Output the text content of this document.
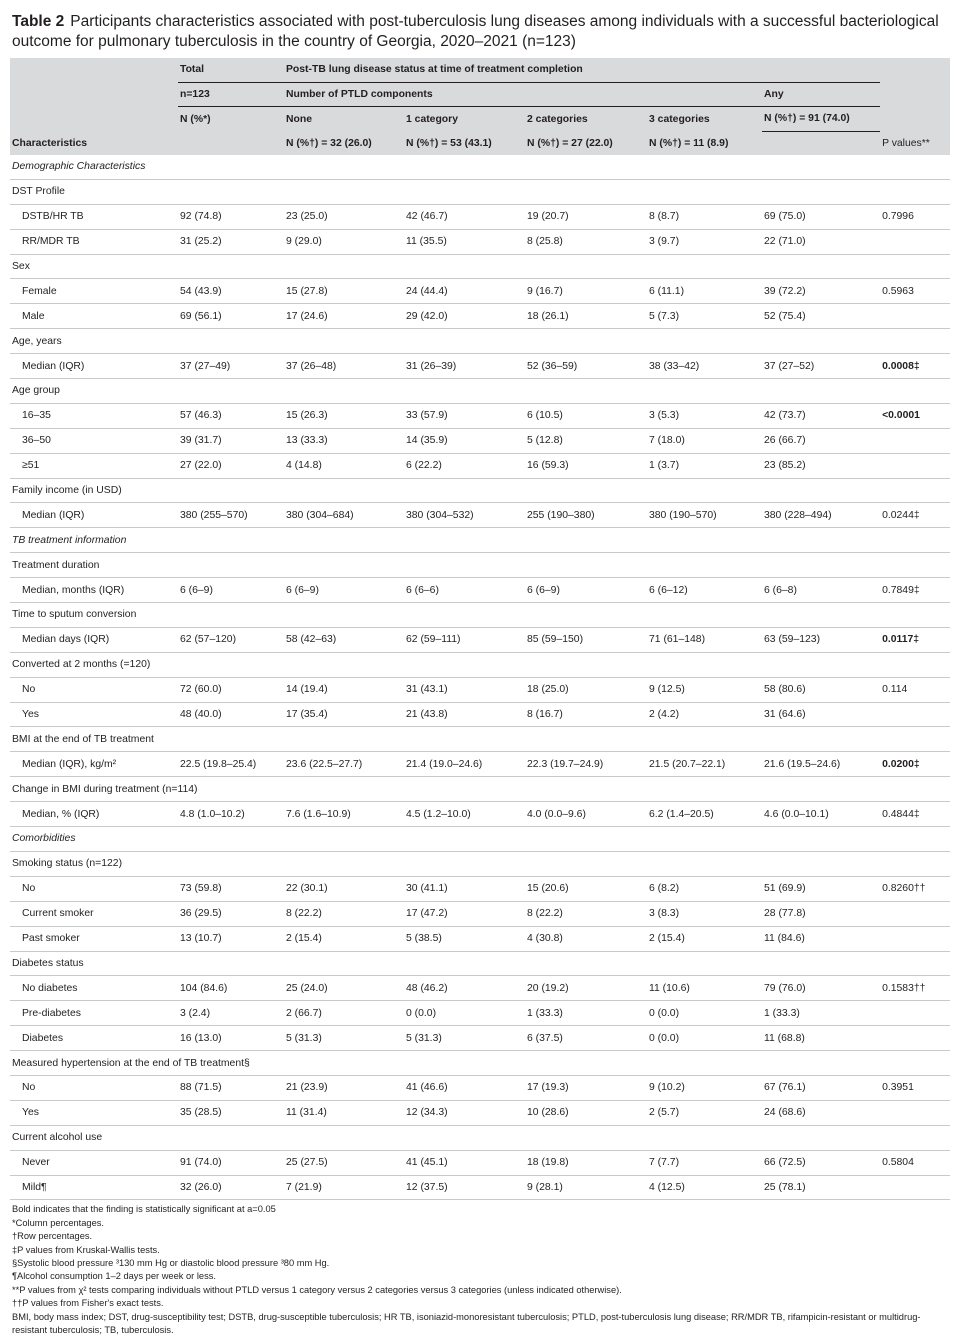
Table 2 Participants characteristics associated with post-tuberculosis lung diseases among individuals with a successful bacteriological outcome for pulmonary tuberculosis in the country of Georgia, 2020–2021 (n=123)
	Total	Post-TB lung disease status at time of treatment completion					
	n=123	Number of PTLD components				Any	
	N (%*)	None	1 category	2 categories	3 categories	N (%†) = 91 (74.0)	
Characteristics		N (%†) = 32 (26.0)	N (%†) = 53 (43.1)	N (%†) = 27 (22.0)	N (%†) = 11 (8.9)		P values**
Demographic Characteristics							
DST Profile							
DSTB/HR TB	92 (74.8)	23 (25.0)	42 (46.7)	19 (20.7)	8 (8.7)	69 (75.0)	0.7996
RR/MDR TB	31 (25.2)	9 (29.0)	11 (35.5)	8 (25.8)	3 (9.7)	22 (71.0)	
Sex							
Female	54 (43.9)	15 (27.8)	24 (44.4)	9 (16.7)	6 (11.1)	39 (72.2)	0.5963
Male	69 (56.1)	17 (24.6)	29 (42.0)	18 (26.1)	5 (7.3)	52 (75.4)	
Age, years							
Median (IQR)	37 (27–49)	37 (26–48)	31 (26–39)	52 (36–59)	38 (33–42)	37 (27–52)	0.0008‡
Age group							
16–35	57 (46.3)	15 (26.3)	33 (57.9)	6 (10.5)	3 (5.3)	42 (73.7)	<0.0001
36–50	39 (31.7)	13 (33.3)	14 (35.9)	5 (12.8)	7 (18.0)	26 (66.7)	
≥51	27 (22.0)	4 (14.8)	6 (22.2)	16 (59.3)	1 (3.7)	23 (85.2)	
Family income (in USD)							
Median (IQR)	380 (255–570)	380 (304–684)	380 (304–532)	255 (190–380)	380 (190–570)	380 (228–494)	0.0244‡
TB treatment information							
Treatment duration							
Median, months (IQR)	6 (6–9)	6 (6–9)	6 (6–6)	6 (6–9)	6 (6–12)	6 (6–8)	0.7849‡
Time to sputum conversion							
Median days (IQR)	62 (57–120)	58 (42–63)	62 (59–111)	85 (59–150)	71 (61–148)	63 (59–123)	0.0117‡
Converted at 2 months (=120)							
No	72 (60.0)	14 (19.4)	31 (43.1)	18 (25.0)	9 (12.5)	58 (80.6)	0.114
Yes	48 (40.0)	17 (35.4)	21 (43.8)	8 (16.7)	2 (4.2)	31 (64.6)	
BMI at the end of TB treatment							
Median (IQR), kg/m²	22.5 (19.8–25.4)	23.6 (22.5–27.7)	21.4 (19.0–24.6)	22.3 (19.7–24.9)	21.5 (20.7–22.1)	21.6 (19.5–24.6)	0.0200‡
Change in BMI during treatment (n=114)							
Median, % (IQR)	4.8 (1.0–10.2)	7.6 (1.6–10.9)	4.5 (1.2–10.0)	4.0 (0.0–9.6)	6.2 (1.4–20.5)	4.6 (0.0–10.1)	0.4844‡
Comorbidities							
Smoking status (n=122)							
No	73 (59.8)	22 (30.1)	30 (41.1)	15 (20.6)	6 (8.2)	51 (69.9)	0.8260††
Current smoker	36 (29.5)	8 (22.2)	17 (47.2)	8 (22.2)	3 (8.3)	28 (77.8)	
Past smoker	13 (10.7)	2 (15.4)	5 (38.5)	4 (30.8)	2 (15.4)	11 (84.6)	
Diabetes status							
No diabetes	104 (84.6)	25 (24.0)	48 (46.2)	20 (19.2)	11 (10.6)	79 (76.0)	0.1583††
Pre-diabetes	3 (2.4)	2 (66.7)	0 (0.0)	1 (33.3)	0 (0.0)	1 (33.3)	
Diabetes	16 (13.0)	5 (31.3)	5 (31.3)	6 (37.5)	0 (0.0)	11 (68.8)	
Measured hypertension at the end of TB treatment§							
No	88 (71.5)	21 (23.9)	41 (46.6)	17 (19.3)	9 (10.2)	67 (76.1)	0.3951
Yes	35 (28.5)	11 (31.4)	12 (34.3)	10 (28.6)	2 (5.7)	24 (68.6)	
Current alcohol use							
Never	91 (74.0)	25 (27.5)	41 (45.1)	18 (19.8)	7 (7.7)	66 (72.5)	0.5804
Mild¶	32 (26.0)	7 (21.9)	12 (37.5)	9 (28.1)	4 (12.5)	25 (78.1)	
Bold indicates that the finding is statistically significant at a=0.05
*Column percentages.
†Row percentages.
‡P values from Kruskal-Wallis tests.
§Systolic blood pressure ³130 mm Hg or diastolic blood pressure ³80 mm Hg.
¶Alcohol consumption 1–2 days per week or less.
**P values from χ² tests comparing individuals without PTLD versus 1 category versus 2 categories versus 3 categories (unless indicated otherwise).
††P values from Fisher's exact tests.
BMI, body mass index; DST, drug-susceptibility test; DSTB, drug-susceptible tuberculosis; HR TB, isoniazid-monoresistant tuberculosis; PTLD, post-tuberculosis lung disease; RR/MDR TB, rifampicin-resistant or multidrug-resistant tuberculosis; TB, tuberculosis.
